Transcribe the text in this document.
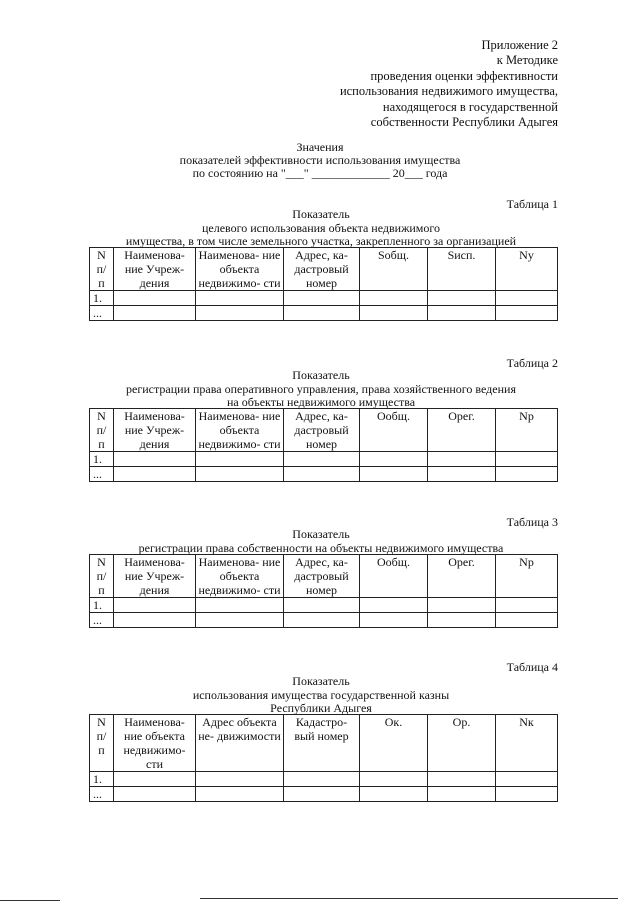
Приложение 2
к Методике
проведения оценки эффективности
использования недвижимого имущества,
находящегося в государственной
собственности Республики Адыгея
Значения
показателей эффективности использования имущества
по состоянию на "___" _____________ 20___ года
Таблица 1
Показатель
целевого использования объекта недвижимого
имущества, в том числе земельного участка, закрепленного за организацией
N п/ п	Наименова- ние Учреж- дения	Наименова- ние объекта недвижимо- сти	Адрес, ка- дастровый номер	Sобщ.	Sисп.	Nу
1.						
...						
Таблица 2
Показатель
регистрации права оперативного управления, права хозяйственного ведения
на объекты недвижимого имущества
N п/ п	Наименова- ние Учреж- дения	Наименова- ние объекта недвижимо- сти	Адрес, ка- дастровый номер	Ообщ.	Орег.	Nр
1.						
...						
Таблица 3
Показатель
регистрации права собственности на объекты недвижимого имущества
N п/ п	Наименова- ние Учреж- дения	Наименова- ние объекта недвижимо- сти	Адрес, ка- дастровый номер	Ообщ.	Орег.	Nр
1.						
...						
Таблица 4
Показатель
использования имущества государственной казны
Республики Адыгея
N п/ п	Наименова- ние объекта недвижимо- сти	Адрес объекта не- движимости	Кадастро- вый номер	Ок.	Ор.	Nк
1.						
...						
